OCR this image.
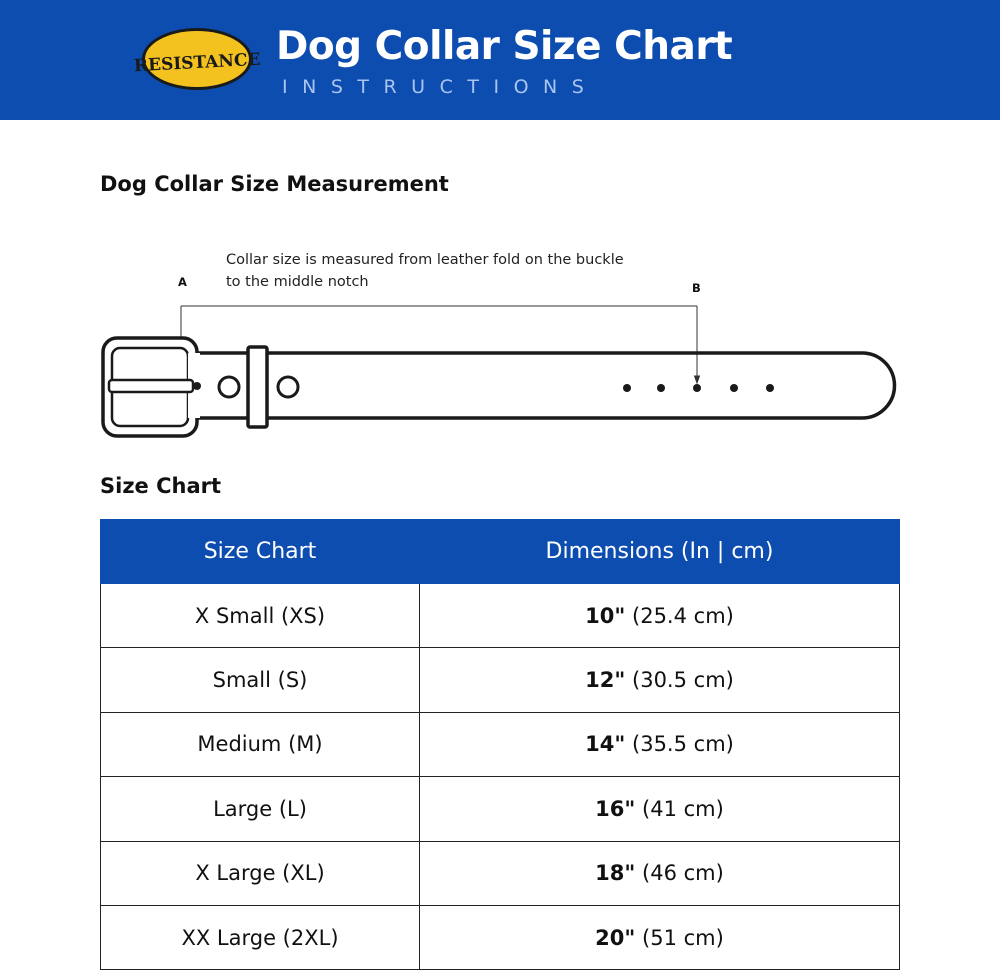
RESISTANCE Dog Collar Size Chart
INSTRUCTIONS
Dog Collar Size Measurement
Collar size is measured from leather fold on the buckle
to the middle notch
A	B
Size Chart
Size Chart	Dimensions (In | cm)
X Small (XS)	10" (25.4 cm)
Small (S)	12" (30.5 cm)
Medium (M)	14" (35.5 cm)
Large (L)	16" (41 cm)
X Large (XL)	18" (46 cm)
XX Large (2XL)	20" (51 cm)
